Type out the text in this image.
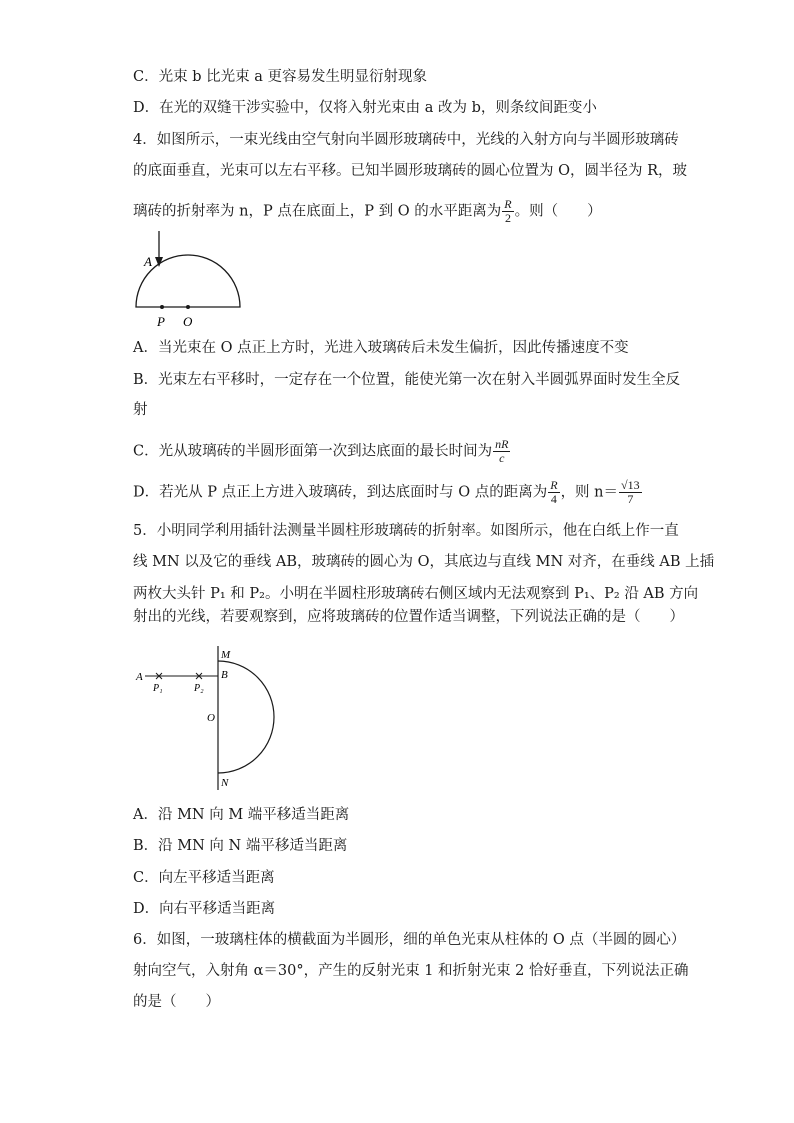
C．光束 b 比光束 a 更容易发生明显衍射现象
D．在光的双缝干涉实验中，仅将入射光束由 a 改为 b，则条纹间距变小
4．如图所示，一束光线由空气射向半圆形玻璃砖中，光线的入射方向与半圆形玻璃砖
的底面垂直，光束可以左右平移。已知半圆形玻璃砖的圆心位置为 O，圆半径为 R，玻
璃砖的折射率为 n，P 点在底面上，P 到 O 的水平距离为 $\frac{R}{2}$ 。则（　　）
A
P O
A．当光束在 O 点正上方时，光进入玻璃砖后未发生偏折，因此传播速度不变
B．光束左右平移时，一定存在一个位置，能使光第一次在射入半圆弧界面时发生全反
射
C．光从玻璃砖的半圆形面第一次到达底面的最长时间为 $\frac{nR}{c}$
D．若光从 P 点正上方进入玻璃砖，到达底面时与 O 点的距离为 $\frac{R}{4}$ ，则 $n= \frac{√13}{7}$
5．小明同学利用插针法测量半圆柱形玻璃砖的折射率。如图所示，他在白纸上作一直
线 MN 以及它的垂线 AB，玻璃砖的圆心为 O，其底边与直线 MN 对齐，在垂线 AB 上插
两枚大头针 P₁ 和 P₂。小明在半圆柱形玻璃砖右侧区域内无法观察到 P₁、P₂ 沿 AB 方向
射出的光线，若要观察到，应将玻璃砖的位置作适当调整，下列说法正确的是（　　）
A
P₁	P₂
B
O
M
N
A．沿 MN 向 M 端平移适当距离
B．沿 MN 向 N 端平移适当距离
C．向左平移适当距离
D．向右平移适当距离
6．如图，一玻璃柱体的横截面为半圆形，细的单色光束从柱体的 O 点（半圆的圆心）
射向空气，入射角 α＝30°，产生的反射光束 1 和折射光束 2 恰好垂直，下列说法正确
的是（　　）
